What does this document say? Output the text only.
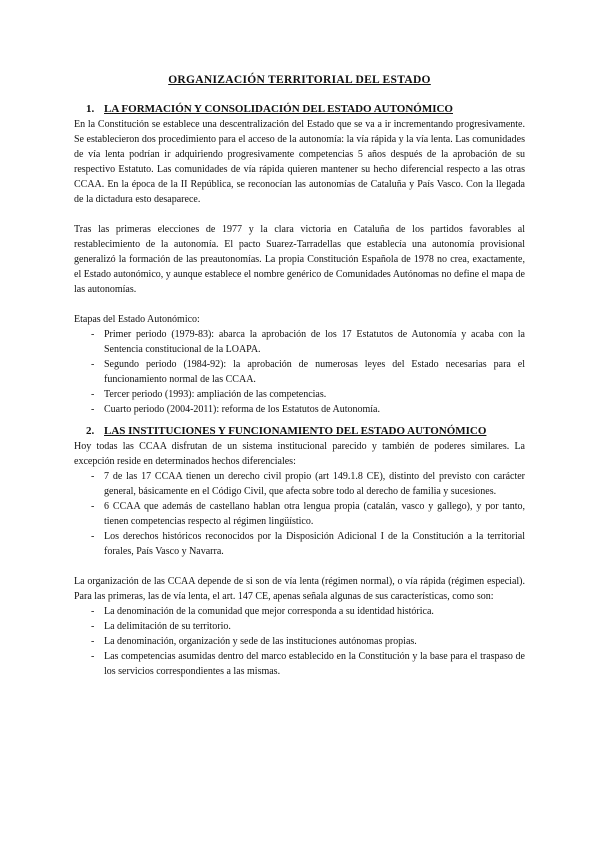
ORGANIZACIÓN TERRITORIAL DEL ESTADO
1. LA FORMACIÓN Y CONSOLIDACIÓN DEL ESTADO AUTONÓMICO

En la Constitución se establece una descentralización del Estado que se va a ir incrementando progresivamente. Se establecieron dos procedimiento para el acceso de la autonomía: la vía rápida y la vía lenta. Las comunidades de vía lenta podrían ir adquiriendo progresivamente competencias 5 años después de la aprobación de su respectivo Estatuto. Las comunidades de vía rápida quieren mantener su hecho diferencial respecto a las otras CCAA. En la época de la II República, se reconocían las autonomías de Cataluña y País Vasco. Con la llegada de la dictadura esto desaparece.

Tras las primeras elecciones de 1977 y la clara victoria en Cataluña de los partidos favorables al restablecimiento de la autonomía. El pacto Suarez-Tarradellas que establecía una autonomía provisional generalizó la formación de las preautonomías. La propia Constitución Española de 1978 no crea, exactamente, el Estado autonómico, y aunque establece el nombre genérico de Comunidades Autónomas no define el mapa de las autonomías.

Etapas del Estado Autonómico:

- Primer periodo (1979-83): abarca la aprobación de los 17 Estatutos de Autonomía y acaba con la Sentencia constitucional de la LOAPA.
- Segundo periodo (1984-92): la aprobación de numerosas leyes del Estado necesarias para el funcionamiento normal de las CCAA.
- Tercer periodo (1993): ampliación de las competencias.
- Cuarto periodo (2004-2011): reforma de los Estatutos de Autonomía.
2. LAS INSTITUCIONES Y FUNCIONAMIENTO DEL ESTADO AUTONÓMICO

Hoy todas las CCAA disfrutan de un sistema institucional parecido y también de poderes similares. La excepción reside en determinados hechos diferenciales:

- 7 de las 17 CCAA tienen un derecho civil propio (art 149.1.8 CE), distinto del previsto con carácter general, básicamente en el Código Civil, que afecta sobre todo al derecho de familia y sucesiones.
- 6 CCAA que además de castellano hablan otra lengua propia (catalán, vasco y gallego), y por tanto, tienen competencias respecto al régimen lingüístico.
- Los derechos históricos reconocidos por la Disposición Adicional I de la Constitución a la territorial forales, País Vasco y Navarra.

La organización de las CCAA depende de si son de vía lenta (régimen normal), o vía rápida (régimen especial). Para las primeras, las de vía lenta, el art. 147 CE, apenas señala algunas de sus características, como son:

- La denominación de la comunidad que mejor corresponda a su identidad histórica.
- La delimitación de su territorio.
- La denominación, organización y sede de las instituciones autónomas propias.
- Las competencias asumidas dentro del marco establecido en la Constitución y la base para el traspaso de los servicios correspondientes a las mismas.
